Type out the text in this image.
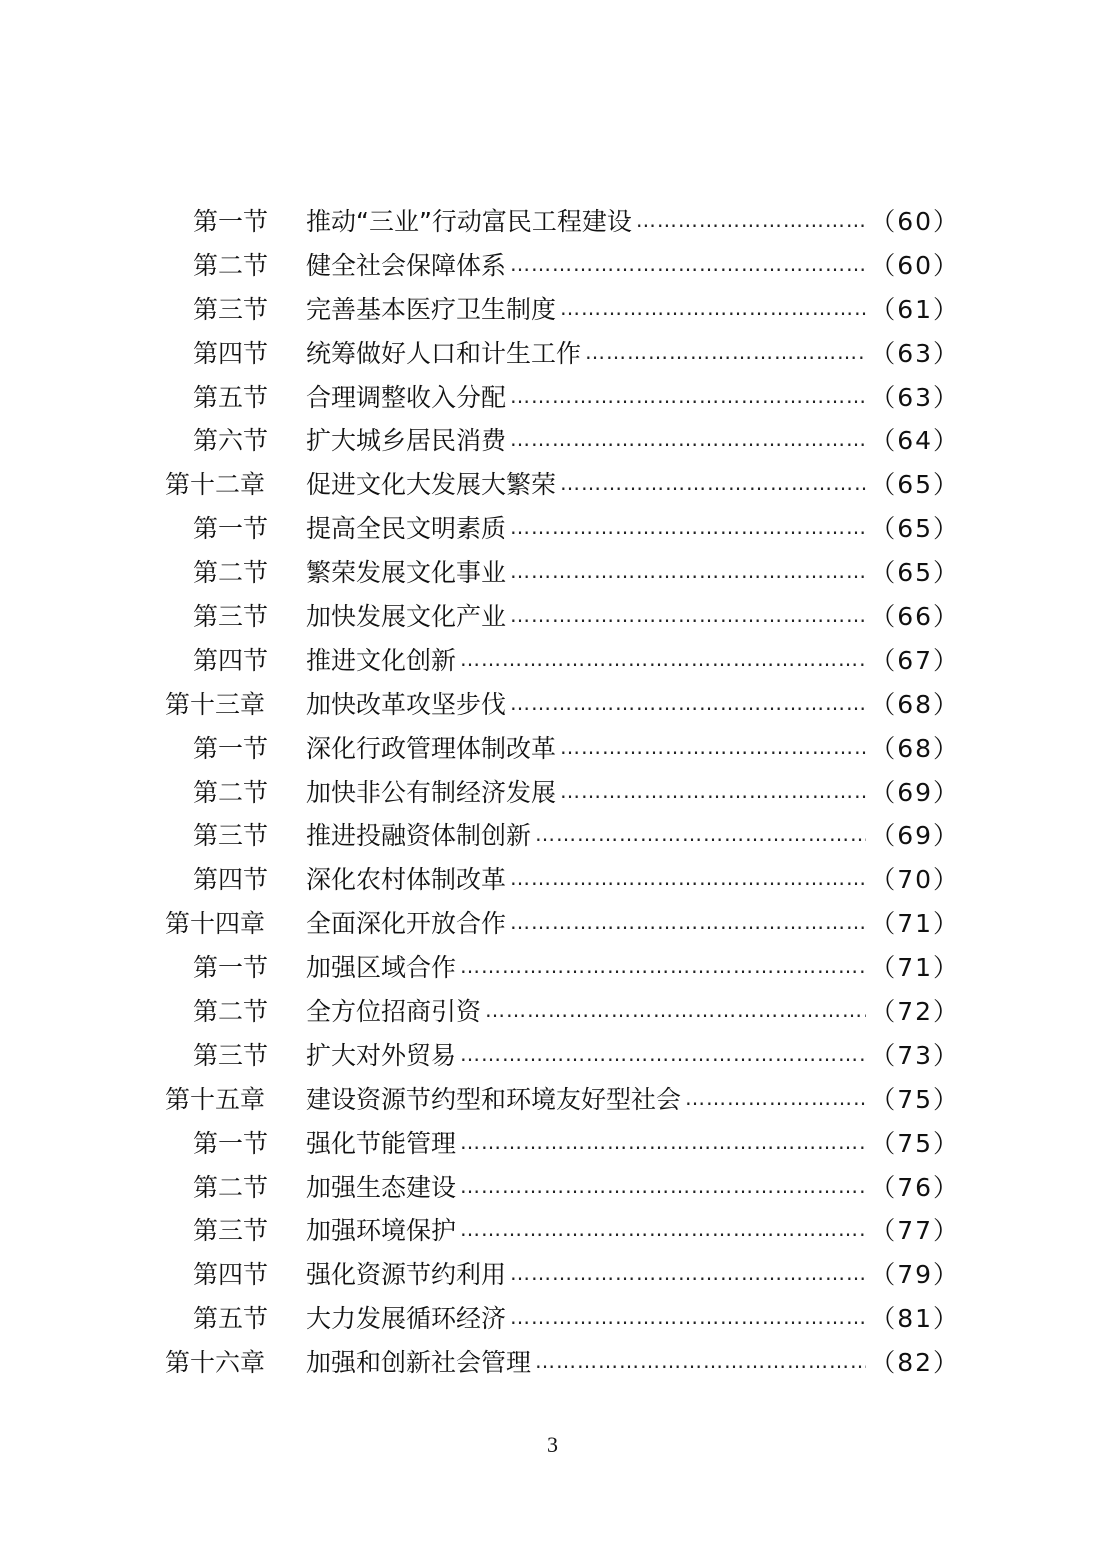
第一节	推动“三业”行动富民工程建设 …………………………………………………………………………………………………………………	（60）
第二节	健全社会保障体系 …………………………………………………………………………………………………………………	（60）
第三节	完善基本医疗卫生制度 …………………………………………………………………………………………………………………	（61）
第四节	统筹做好人口和计生工作 …………………………………………………………………………………………………………………	（63）
第五节	合理调整收入分配 …………………………………………………………………………………………………………………	（63）
第六节	扩大城乡居民消费 …………………………………………………………………………………………………………………	（64）
第十二章	促进文化大发展大繁荣 …………………………………………………………………………………………………………………	（65）
第一节	提高全民文明素质 …………………………………………………………………………………………………………………	（65）
第二节	繁荣发展文化事业 …………………………………………………………………………………………………………………	（65）
第三节	加快发展文化产业 …………………………………………………………………………………………………………………	（66）
第四节	推进文化创新 …………………………………………………………………………………………………………………	（67）
第十三章	加快改革攻坚步伐 …………………………………………………………………………………………………………………	（68）
第一节	深化行政管理体制改革 …………………………………………………………………………………………………………………	（68）
第二节	加快非公有制经济发展 …………………………………………………………………………………………………………………	（69）
第三节	推进投融资体制创新 …………………………………………………………………………………………………………………	（69）
第四节	深化农村体制改革 …………………………………………………………………………………………………………………	（70）
第十四章	全面深化开放合作 …………………………………………………………………………………………………………………	（71）
第一节	加强区域合作 …………………………………………………………………………………………………………………	（71）
第二节	全方位招商引资 …………………………………………………………………………………………………………………	（72）
第三节	扩大对外贸易 …………………………………………………………………………………………………………………	（73）
第十五章	建设资源节约型和环境友好型社会 …………………………………………………………………………………………………………………	（75）
第一节	强化节能管理 …………………………………………………………………………………………………………………	（75）
第二节	加强生态建设 …………………………………………………………………………………………………………………	（76）
第三节	加强环境保护 …………………………………………………………………………………………………………………	（77）
第四节	强化资源节约利用 …………………………………………………………………………………………………………………	（79）
第五节	大力发展循环经济 …………………………………………………………………………………………………………………	（81）
第十六章	加强和创新社会管理 …………………………………………………………………………………………………………………	（82）
3
